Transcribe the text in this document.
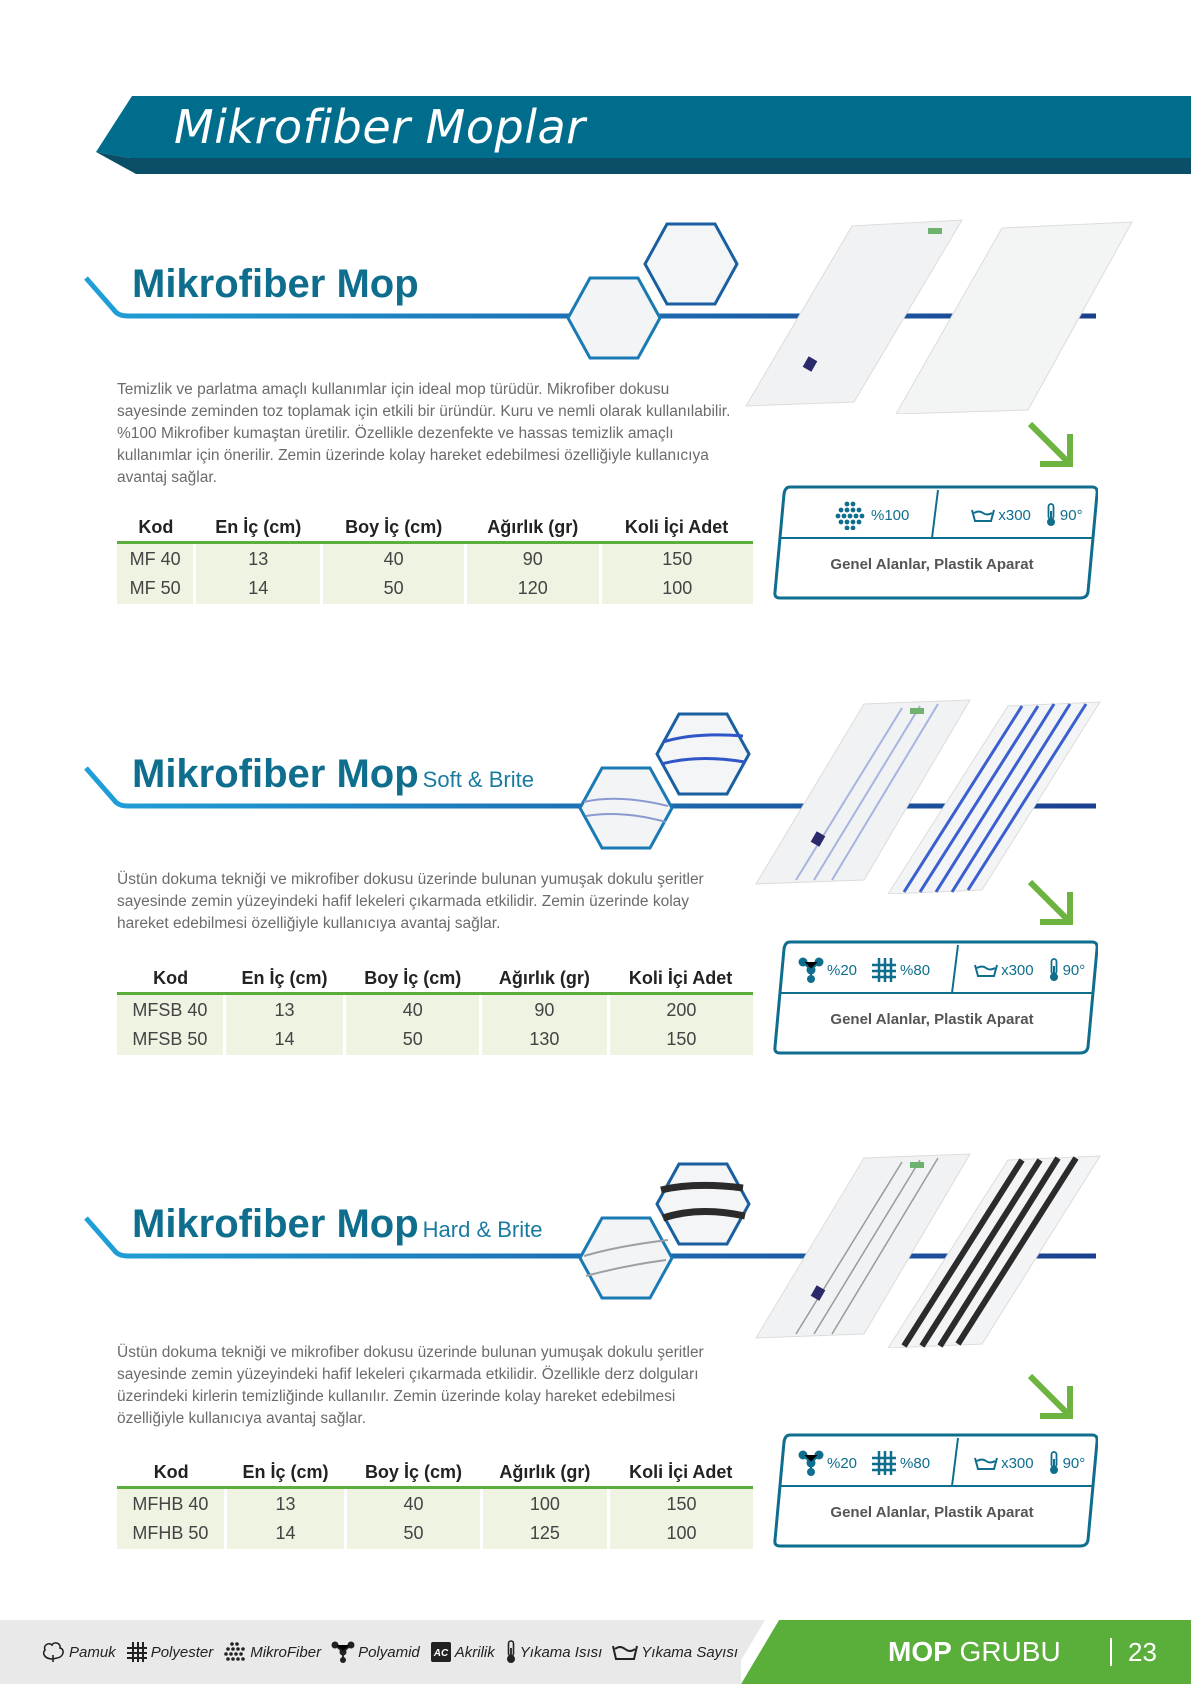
Mikrofiber Moplar
Mikrofiber Mop
Temizlik ve parlatma amaçlı kullanımlar için ideal mop türüdür. Mikrofiber dokusu sayesinde zeminden toz toplamak için etkili bir üründür. Kuru ve nemli olarak kullanılabilir. %100 Mikrofiber kumaştan üretilir. Özellikle dezenfekte ve hassas temizlik amaçlı kullanımlar için önerilir. Zemin üzerinde kolay hareket edebilmesi özelliğiyle kullanıcıya avantaj sağlar.
Kod	En İç (cm)	Boy İç (cm)	Ağırlık (gr)	Koli İçi Adet
MF 40	13	40	90	150
MF 50	14	50	120	100
%100	x300 90°
Genel Alanlar, Plastik Aparat
Mikrofiber Mop Soft & Brite
Üstün dokuma tekniği ve mikrofiber dokusu üzerinde bulunan yumuşak dokulu şeritler sayesinde zemin yüzeyindeki hafif lekeleri çıkarmada etkilidir. Zemin üzerinde kolay hareket edebilmesi özelliğiyle kullanıcıya avantaj sağlar.
Kod	En İç (cm)	Boy İç (cm)	Ağırlık (gr)	Koli İçi Adet
MFSB 40	13	40	90	200
MFSB 50	14	50	130	150
%20	%80	x300 90°
Genel Alanlar, Plastik Aparat
Mikrofiber Mop Hard & Brite
Üstün dokuma tekniği ve mikrofiber dokusu üzerinde bulunan yumuşak dokulu şeritler sayesinde zemin yüzeyindeki hafif lekeleri çıkarmada etkilidir. Özellikle derz dolguları üzerindeki kirlerin temizliğinde kullanılır. Zemin üzerinde kolay hareket edebilmesi özelliğiyle kullanıcıya avantaj sağlar.
Kod	En İç (cm)	Boy İç (cm)	Ağırlık (gr)	Koli İçi Adet
MFHB 40	13	40	100	150
MFHB 50	14	50	125	100
%20	%80	x300 90°
Genel Alanlar, Plastik Aparat
Pamuk Polyester MikroFiber Polyamid AC Akrilik Yıkama Isısı	Yıkama Sayısı	MOP GRUBU	23
